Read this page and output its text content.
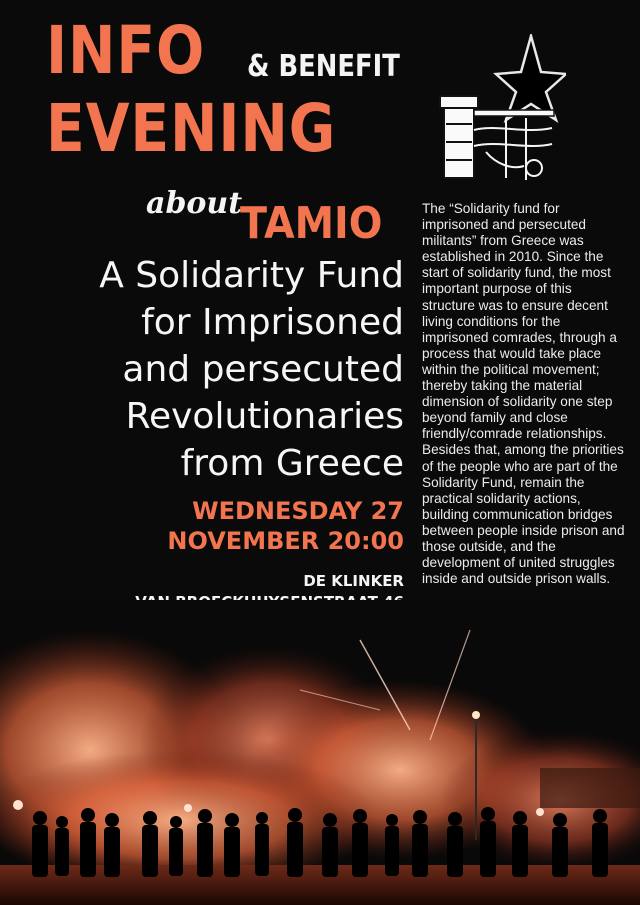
INFO & BENEFIT
EVENING
about
TAMIO
A Solidarity Fund
for Imprisoned
and persecuted
Revolutionaries
from Greece
WEDNESDAY 27
NOVEMBER 20:00
DE KLINKER
The “Solidarity fund for imprisoned and persecuted militants” from Greece was established in 2010. Since the start of solidarity fund, the most important purpose of this structure was to ensure decent living conditions for the imprisoned comrades, through a process that would take place within the political movement; thereby taking the material dimension of solidarity one step beyond family and close friendly/comrade relationships. Besides that, among the priorities of the people who are part of the Solidarity Fund, remain the practical solidarity actions, building communication bridges between people inside prison and those outside, and the development of united struggles inside and outside prison walls.
